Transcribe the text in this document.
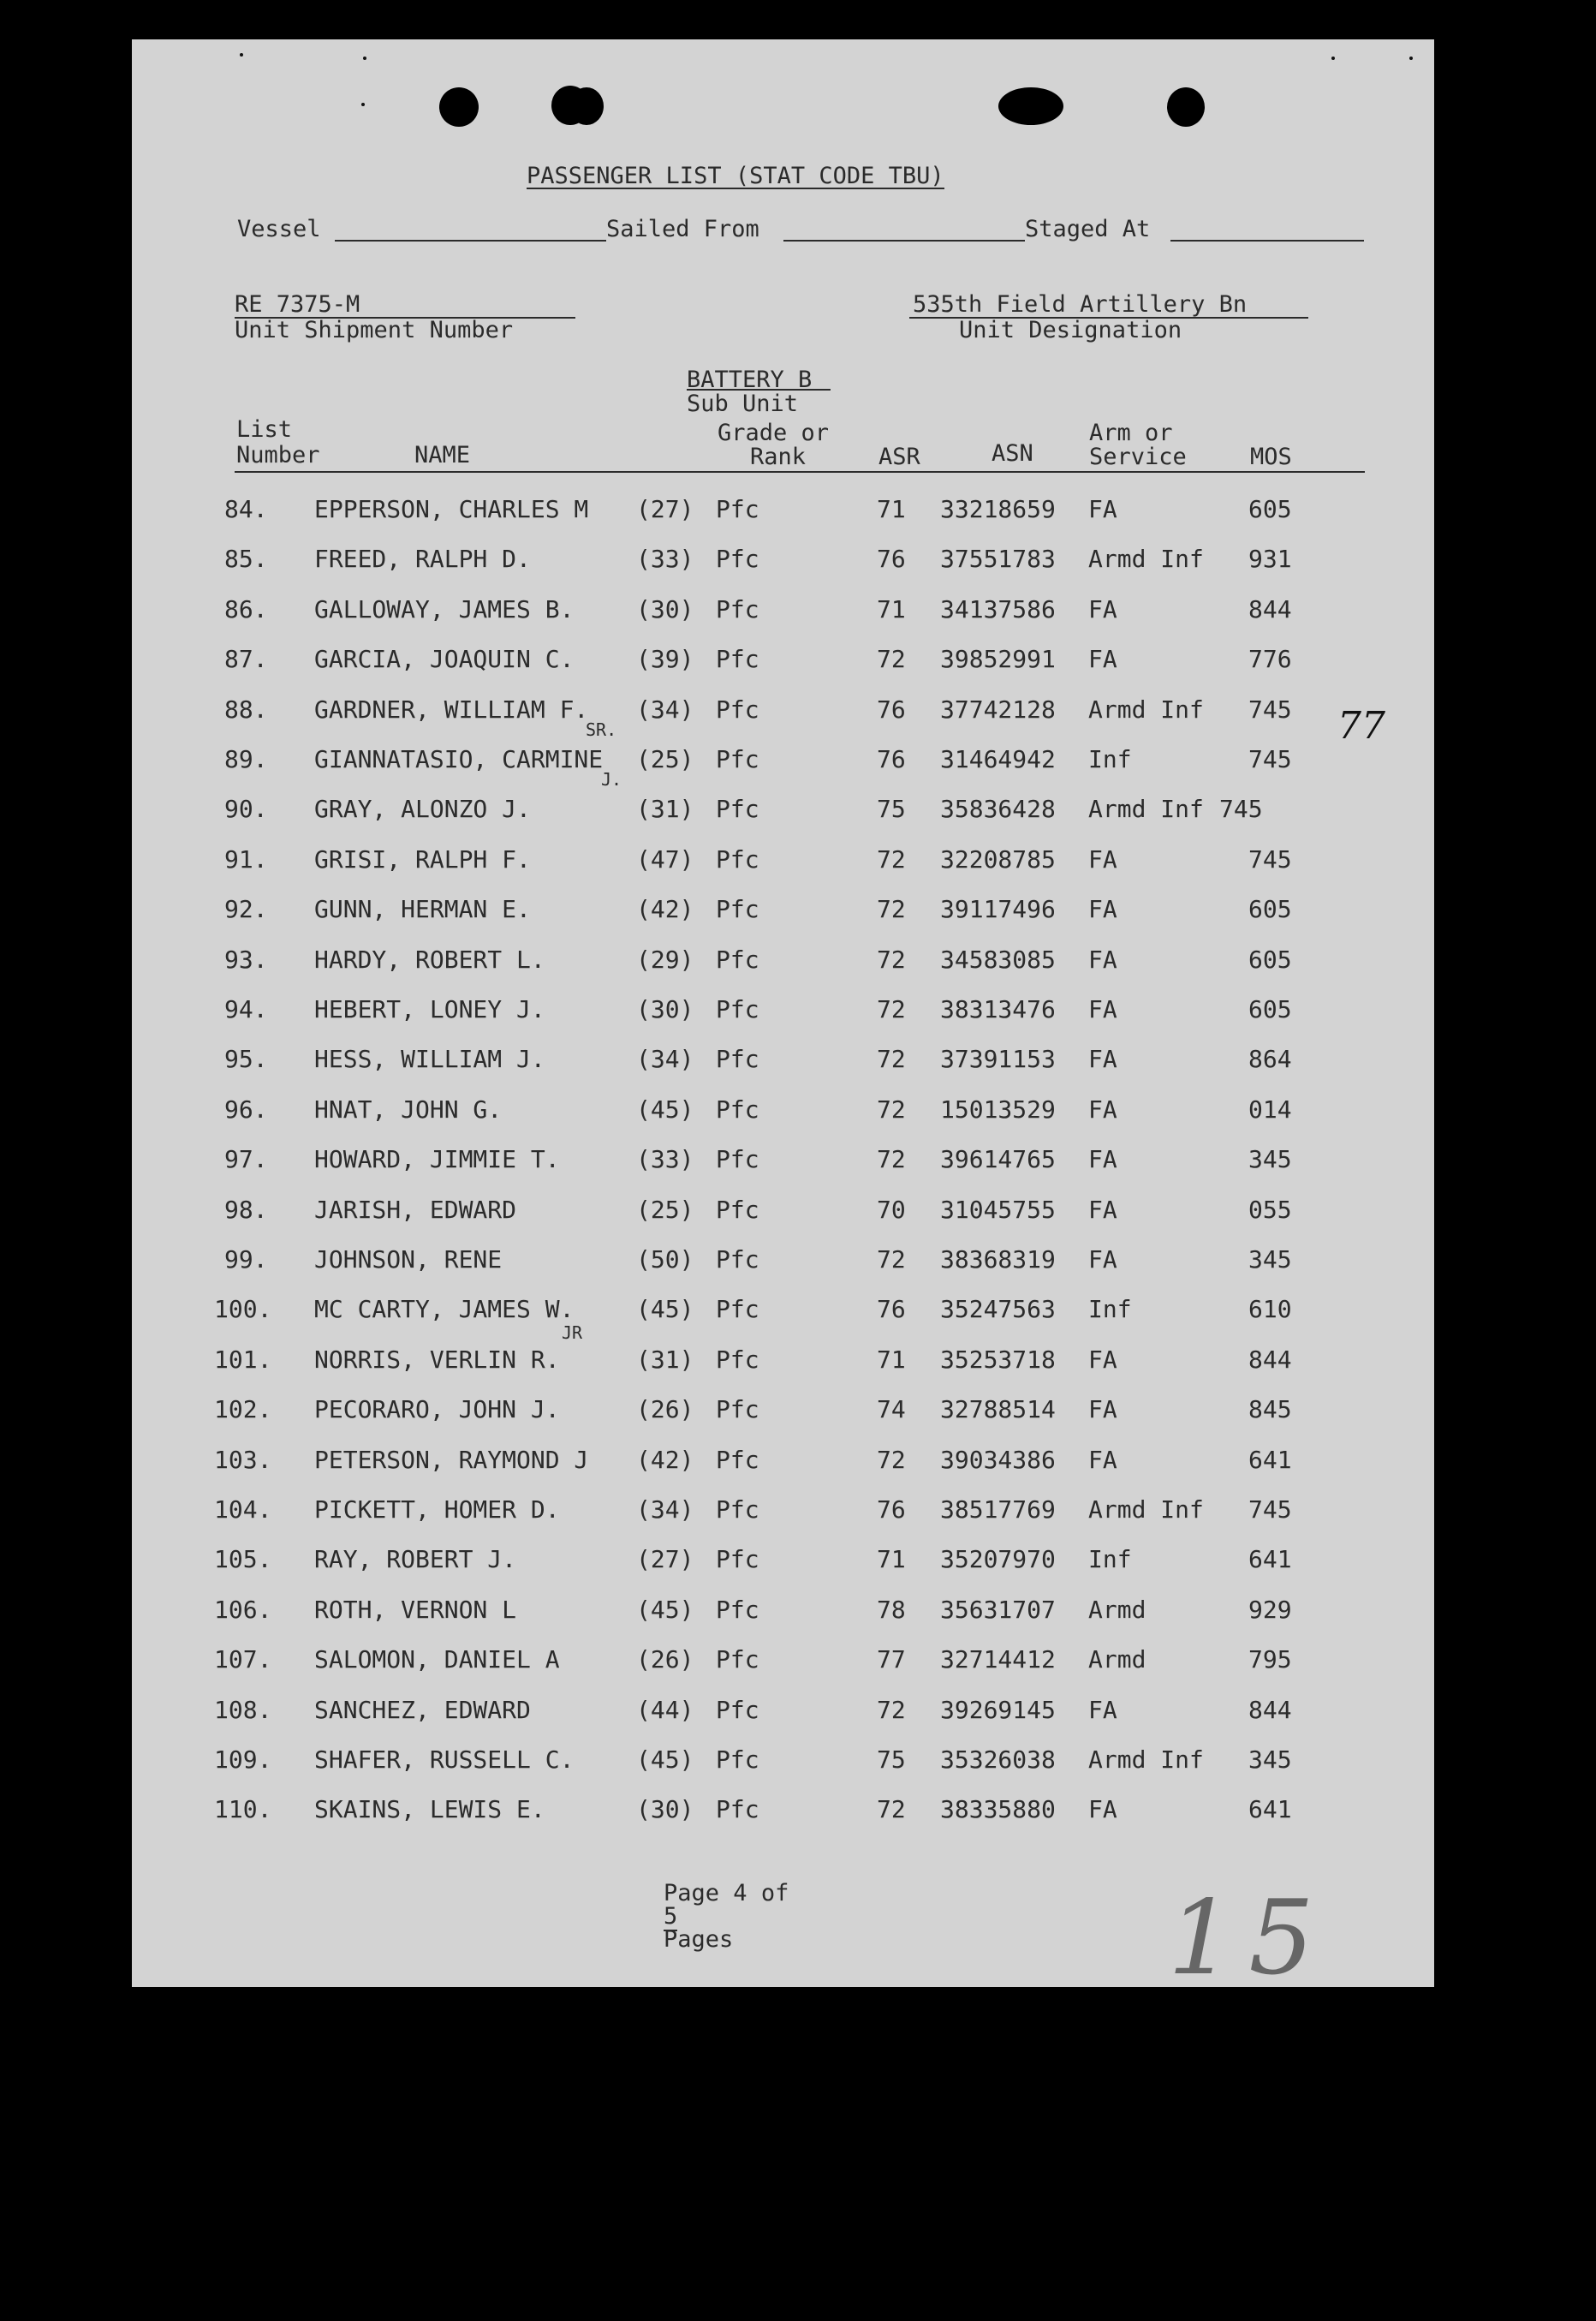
PASSENGER LIST (STAT CODE TBU)
Vessel	Sailed From	Staged At
RE 7375-M
Unit Shipment Number
535th Field Artillery Bn
Unit Designation
BATTERY B
Sub Unit
List
Number	NAME
Grade or
Rank	ASR	ASN
Arm or
Service	MOS
84. EPPERSON, CHARLES M (27) Pfc	71 33218659 FA	605
85. FREED, RALPH D.	(33) Pfc	76 37551783 Armd Inf 931
86. GALLOWAY, JAMES B.	(30) Pfc	71 34137586 FA	844
87. GARCIA, JOAQUIN C.	(39) Pfc	72 39852991 FA	776
88. GARDNER, WILLIAM F. (34) Pfc	76 37742128 Armd Inf 745
89. GIANNATASIO, CARMINE (25) Pfc	76 31464942 Inf	745
90. GRAY, ALONZO J.	(31) Pfc	75 35836428 Armd Inf 745
91. GRISI, RALPH F.	(47) Pfc	72 32208785 FA	745
92. GUNN, HERMAN E.	(42) Pfc	72 39117496 FA	605
93. HARDY, ROBERT L.	(29) Pfc	72 34583085 FA	605
94. HEBERT, LONEY J.	(30) Pfc	72 38313476 FA	605
95. HESS, WILLIAM J.	(34) Pfc	72 37391153 FA	864
96. HNAT, JOHN G.	(45) Pfc	72 15013529 FA	014
97. HOWARD, JIMMIE T.	(33) Pfc	72 39614765 FA	345
98. JARISH, EDWARD	(25) Pfc	70 31045755 FA	055
99. JOHNSON, RENE	(50) Pfc	72 38368319 FA	345
100. MC CARTY, JAMES W.	(45) Pfc	76 35247563 Inf	610
101. NORRIS, VERLIN R.	(31) Pfc	71 35253718 FA	844
102. PECORARO, JOHN J.	(26) Pfc	74 32788514 FA	845
103. PETERSON, RAYMOND J (42) Pfc	72 39034386 FA	641
104. PICKETT, HOMER D.	(34) Pfc	76 38517769 Armd Inf 745
105. RAY, ROBERT J.	(27) Pfc	71 35207970 Inf	641
106. ROTH, VERNON L	(45) Pfc	78 35631707 Armd	929
107. SALOMON, DANIEL A	(26) Pfc	77 32714412 Armd	795
108. SANCHEZ, EDWARD	(44) Pfc	72 39269145 FA	844
109. SHAFER, RUSSELL C.	(45) Pfc	75 35326038 Armd Inf 345
110. SKAINS, LEWIS E.	(30) Pfc	72 38335880 FA	641
SR.
J.
JR

Page 4 of
5
Pages

77
15
